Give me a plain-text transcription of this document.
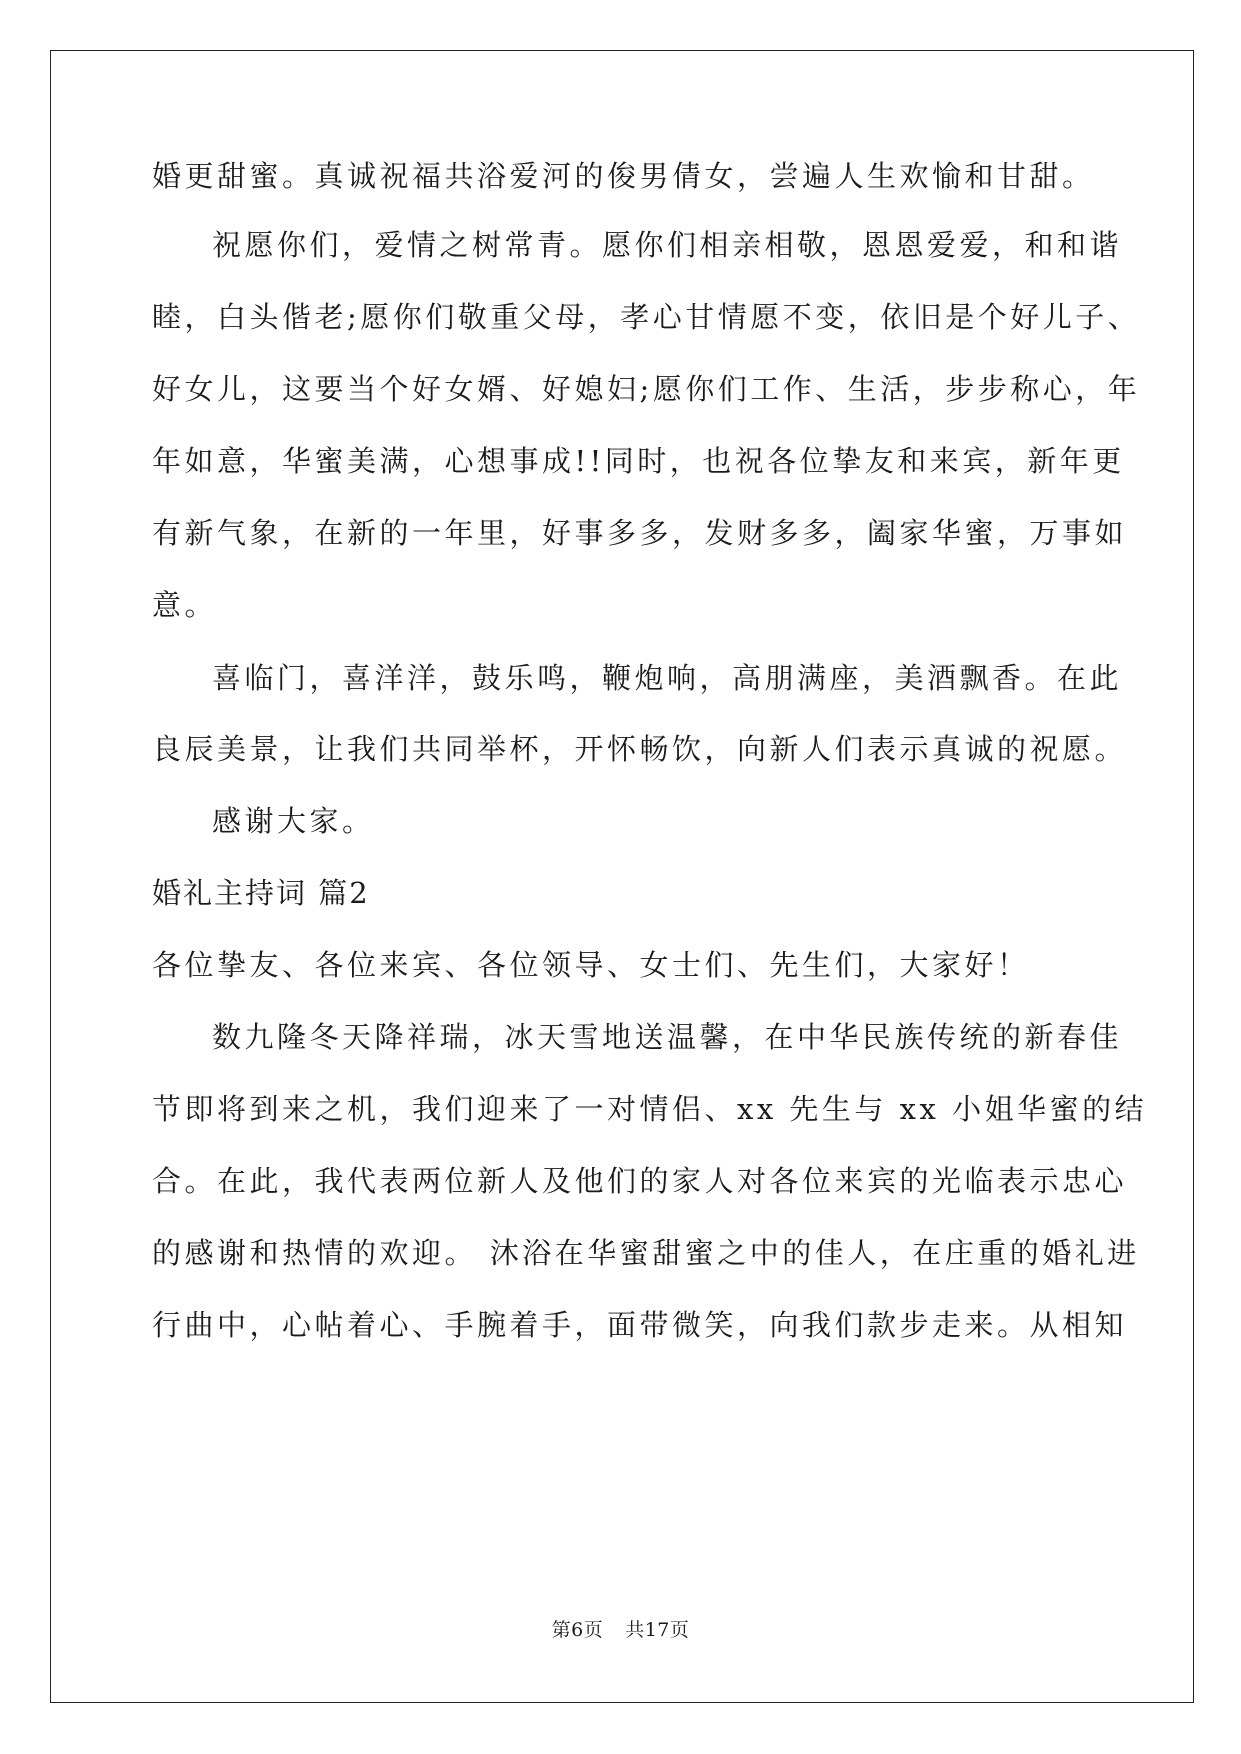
婚更甜蜜。真诚祝福共浴爱河的俊男倩女，尝遍人生欢愉和甘甜。
祝愿你们，爱情之树常青。愿你们相亲相敬，恩恩爱爱，和和谐
睦，白头偕老;愿你们敬重父母，孝心甘情愿不变，依旧是个好儿子、
好女儿，这要当个好女婿、好媳妇;愿你们工作、生活，步步称心，年
年如意，华蜜美满，心想事成!!同时，也祝各位挚友和来宾，新年更
有新气象，在新的一年里，好事多多，发财多多，阖家华蜜，万事如
意。
喜临门，喜洋洋，鼓乐鸣，鞭炮响，高朋满座，美酒飘香。在此
良辰美景，让我们共同举杯，开怀畅饮，向新人们表示真诚的祝愿。
感谢大家。
婚礼主持词 篇2
各位挚友、各位来宾、各位领导、女士们、先生们，大家好！
数九隆冬天降祥瑞，冰天雪地送温馨，在中华民族传统的新春佳
节即将到来之机，我们迎来了一对情侣、xx 先生与 xx 小姐华蜜的结
合。在此，我代表两位新人及他们的家人对各位来宾的光临表示忠心
的感谢和热情的欢迎。 沐浴在华蜜甜蜜之中的佳人，在庄重的婚礼进
行曲中，心帖着心、手腕着手，面带微笑，向我们款步走来。从相知
第6页 共17页
